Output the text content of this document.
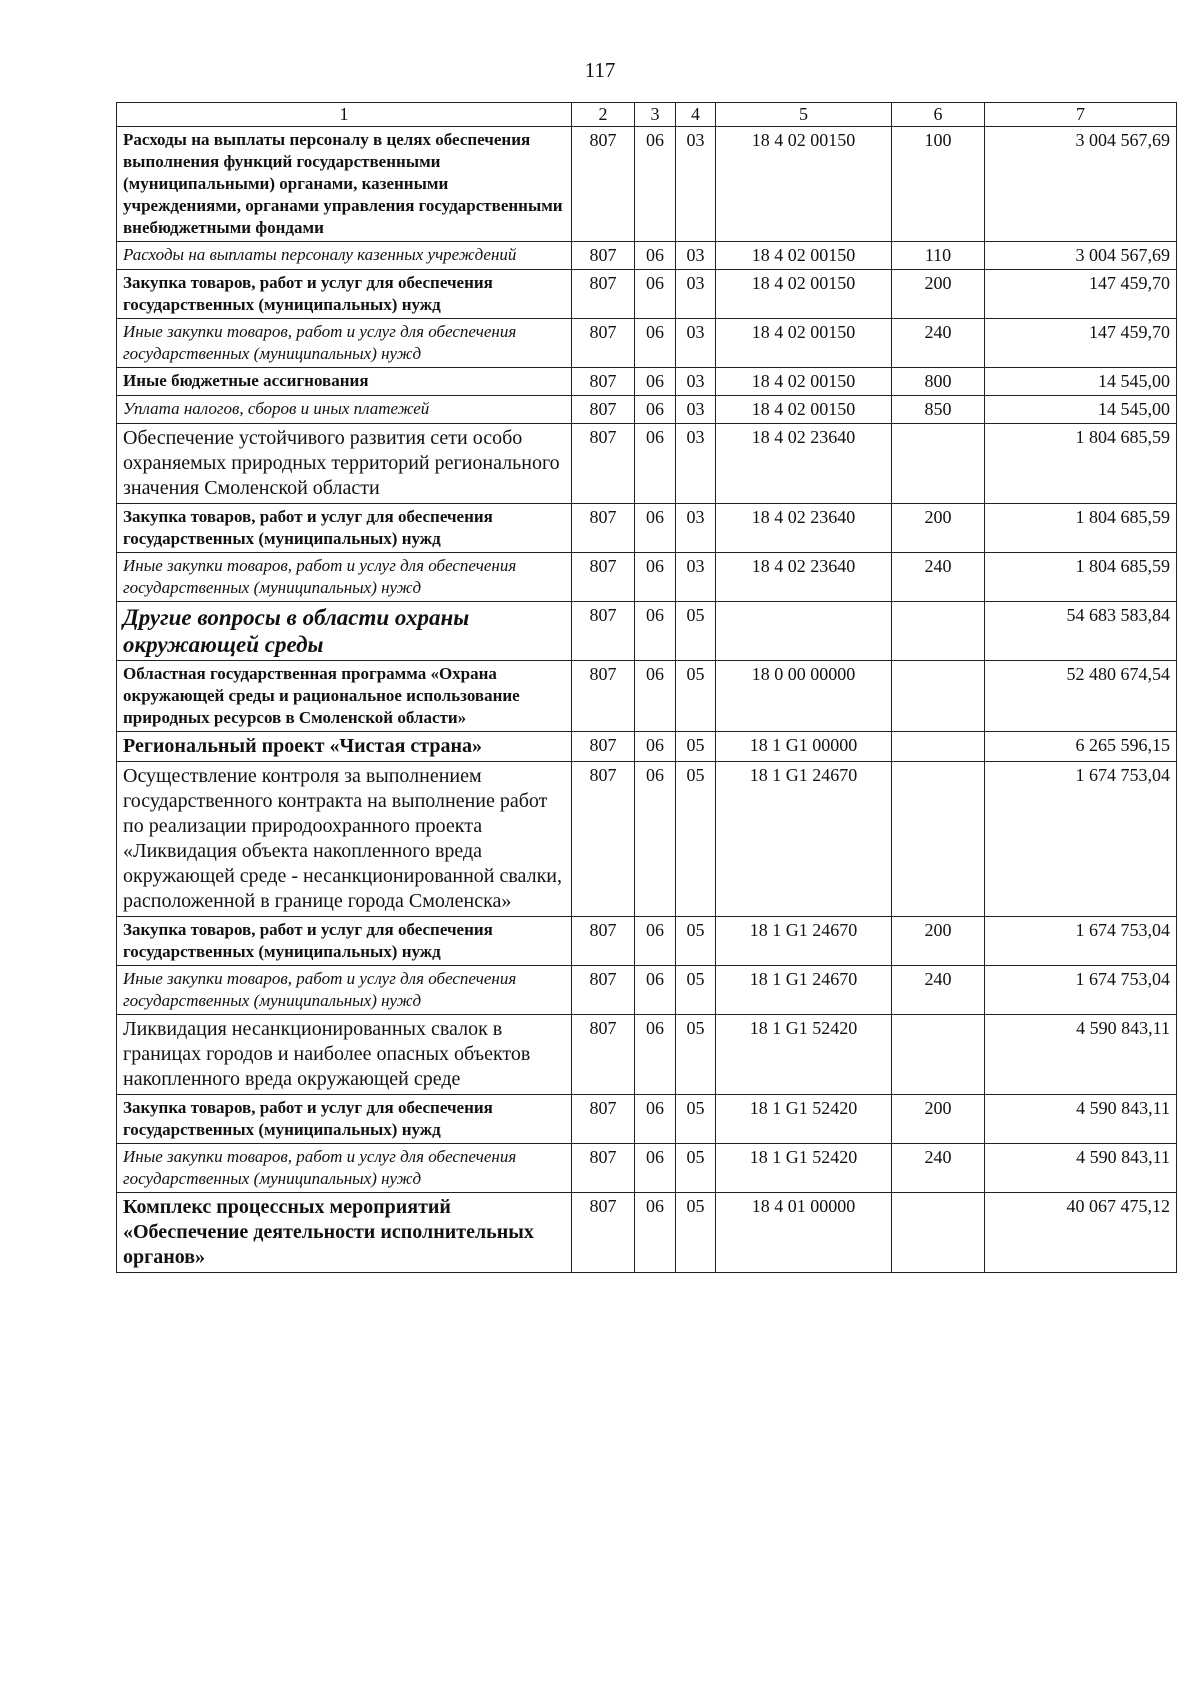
117
1	2	3	4	5	6	7
Расходы на выплаты персоналу в целях обеспечения выполнения функций государственными (муниципальными) органами, казенными учреждениями, органами управления государственными внебюджетными фондами	807	06	03	18 4 02 00150	100	3 004 567,69
Расходы на выплаты персоналу казенных учреждений	807	06	03	18 4 02 00150	110	3 004 567,69
Закупка товаров, работ и услуг для обеспечения государственных (муниципальных) нужд	807	06	03	18 4 02 00150	200	147 459,70
Иные закупки товаров, работ и услуг для обеспечения государственных (муниципальных) нужд	807	06	03	18 4 02 00150	240	147 459,70
Иные бюджетные ассигнования	807	06	03	18 4 02 00150	800	14 545,00
Уплата налогов, сборов и иных платежей	807	06	03	18 4 02 00150	850	14 545,00
Обеспечение устойчивого развития сети особо охраняемых природных территорий регионального значения Смоленской области	807	06	03	18 4 02 23640		1 804 685,59
Закупка товаров, работ и услуг для обеспечения государственных (муниципальных) нужд	807	06	03	18 4 02 23640	200	1 804 685,59
Иные закупки товаров, работ и услуг для обеспечения государственных (муниципальных) нужд	807	06	03	18 4 02 23640	240	1 804 685,59
Другие вопросы в области охраны окружающей среды	807	06	05			54 683 583,84
Областная государственная программа «Охрана окружающей среды и рациональное использование природных ресурсов в Смоленской области»	807	06	05	18 0 00 00000		52 480 674,54
Региональный проект «Чистая страна»	807	06	05	18 1 G1 00000		6 265 596,15
Осуществление контроля за выполнением государственного контракта на выполнение работ по реализации природоохранного проекта «Ликвидация объекта накопленного вреда окружающей среде - несанкционированной свалки, расположенной в границе города Смоленска»	807	06	05	18 1 G1 24670		1 674 753,04
Закупка товаров, работ и услуг для обеспечения государственных (муниципальных) нужд	807	06	05	18 1 G1 24670	200	1 674 753,04
Иные закупки товаров, работ и услуг для обеспечения государственных (муниципальных) нужд	807	06	05	18 1 G1 24670	240	1 674 753,04
Ликвидация несанкционированных свалок в границах городов и наиболее опасных объектов накопленного вреда окружающей среде	807	06	05	18 1 G1 52420		4 590 843,11
Закупка товаров, работ и услуг для обеспечения государственных (муниципальных) нужд	807	06	05	18 1 G1 52420	200	4 590 843,11
Иные закупки товаров, работ и услуг для обеспечения государственных (муниципальных) нужд	807	06	05	18 1 G1 52420	240	4 590 843,11
Комплекс процессных мероприятий «Обеспечение деятельности исполнительных органов»	807	06	05	18 4 01 00000		40 067 475,12
